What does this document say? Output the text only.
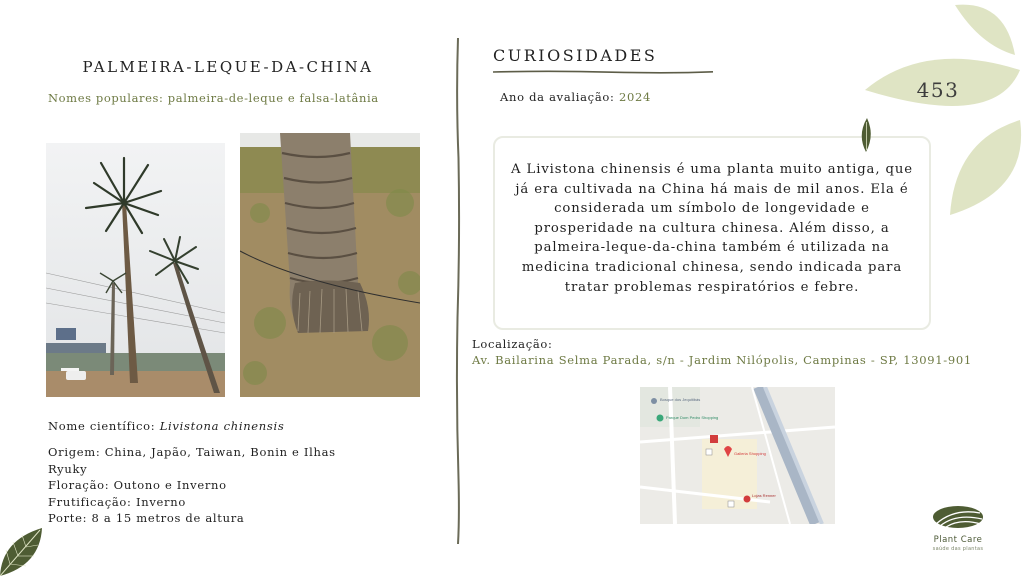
PALMEIRA-LEQUE-DA-CHINA
Nomes populares: palmeira-de-leque e falsa-latânia
Nome científico: Livistona chinensis
Origem: China, Japão, Taiwan, Bonin e Ilhas Ryuky
Floração: Outono e Inverno
Frutificação: Inverno
Porte: 8 a 15 metros de altura
CURIOSIDADES
Ano da avaliação: 2024
A Livistona chinensis é uma planta muito antiga, que já era cultivada na China há mais de mil anos. Ela é considerada um símbolo de longevidade e prosperidade na cultura chinesa. Além disso, a palmeira-leque-da-china também é utilizada na medicina tradicional chinesa, sendo indicada para tratar problemas respiratórios e febre.
Localização:
Av. Bailarina Selma Parada, s/n - Jardim Nilópolis, Campinas - SP, 13091-901
Bosque dos Jequitibás
Parque Dom Pedro Shopping
Galleria Shopping
Lojas Renner
453
Plant Care
saúde das plantas
